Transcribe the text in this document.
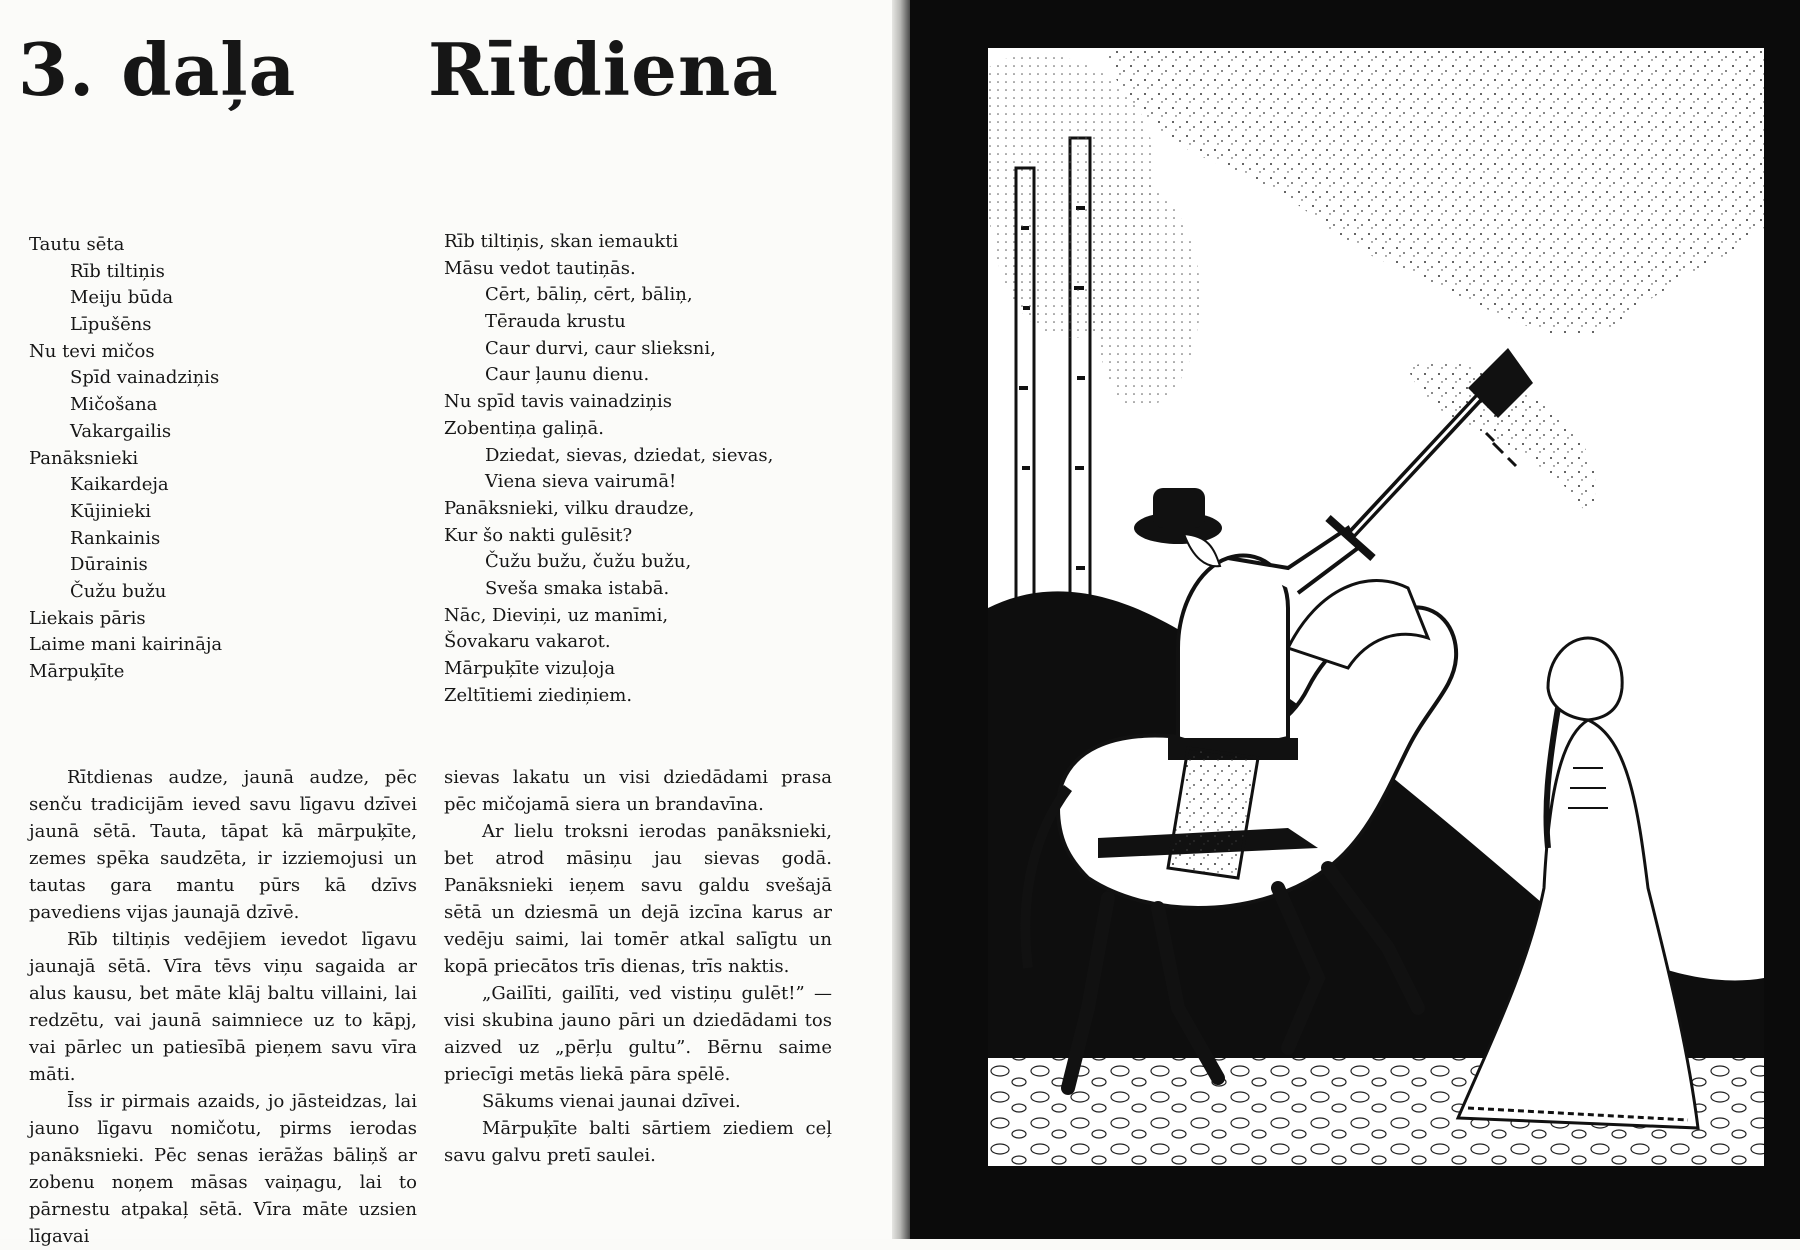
3. daļa Rītdiena
Tautu sēta
Rīb tiltiņis
Meiju būda
Līpušēns
Nu tevi mičos
Spīd vainadziņis
Mičošana
Vakargailis
Panāksnieki
Kaikardeja
Kūjinieki
Rankainis
Dūrainis
Čužu bužu
Liekais pāris
Laime mani kairināja
Mārpuķīte
Rīb tiltiņis, skan iemaukti
Māsu vedot tautiņās.
Cērt, bāliņ, cērt, bāliņ,
Tērauda krustu
Caur durvi, caur slieksni,
Caur ļaunu dienu.
Nu spīd tavis vainadziņis
Zobentiņa galiņā.
Dziedat, sievas, dziedat, sievas,
Viena sieva vairumā!
Panāksnieki, vilku draudze,
Kur šo nakti gulēsit?
Čužu bužu, čužu bužu,
Svešа smaka istabā.
Nāc, Dieviņi, uz manīmi,
Šovakaru vakarot.
Mārpuķīte vizuļoja
Zeltītiemi ziediņiem.

Rītdienas audze, jaunā audze, pēc senču tradicijām ieved savu līgavu dzīvei jaunā sētā. Tauta, tāpat kā mārpuķīte, zemes spēka saudzēta, ir izziemojusi un tautas gara mantu pūrs kā dzīvs pavediens vijas jaunajā dzīvē.

Rīb tiltiņis vedējiem ievedot līgavu jaunajā sētā. Vīra tēvs viņu sagaida ar alus kausu, bet māte klāj baltu villaini, lai redzētu, vai jaunā saimniece uz to kāpj, vai pārlec un patiesībā pieņem savu vīra māti.

Īss ir pirmais azaids, jo jāsteidzas, lai jauno līgavu nomičotu, pirms ierodas panāksnieki. Pēc senas ierāžas bāliņš ar zobenu noņem māsas vaiņagu, lai to pārnestu atpakaļ sētā. Vīra māte uzsien līgavai

sievas lakatu un visi dziedādami prasa pēc mičojamā siera un brandavīna.

Ar lielu troksni ierodas panāksnieki, bet atrod māsiņu jau sievas godā. Panāksnieki ieņem savu galdu svešajā sētā un dziesmā un dejā izcīna karus ar vedēju saimi, lai tomēr atkal salīgtu un kopā priecātos trīs dienas, trīs naktis.

„Gailīti, gailīti, ved vistiņu gulēt!” — visi skubina jauno pāri un dziedādami tos aizved uz „pērļu gultu”. Bērnu saime priecīgi metās liekā pāra spēlē.

Sākums vienai jaunai dzīvei.

Mārpuķīte balti sārtiem ziediem ceļ savu galvu pretī saulei.
